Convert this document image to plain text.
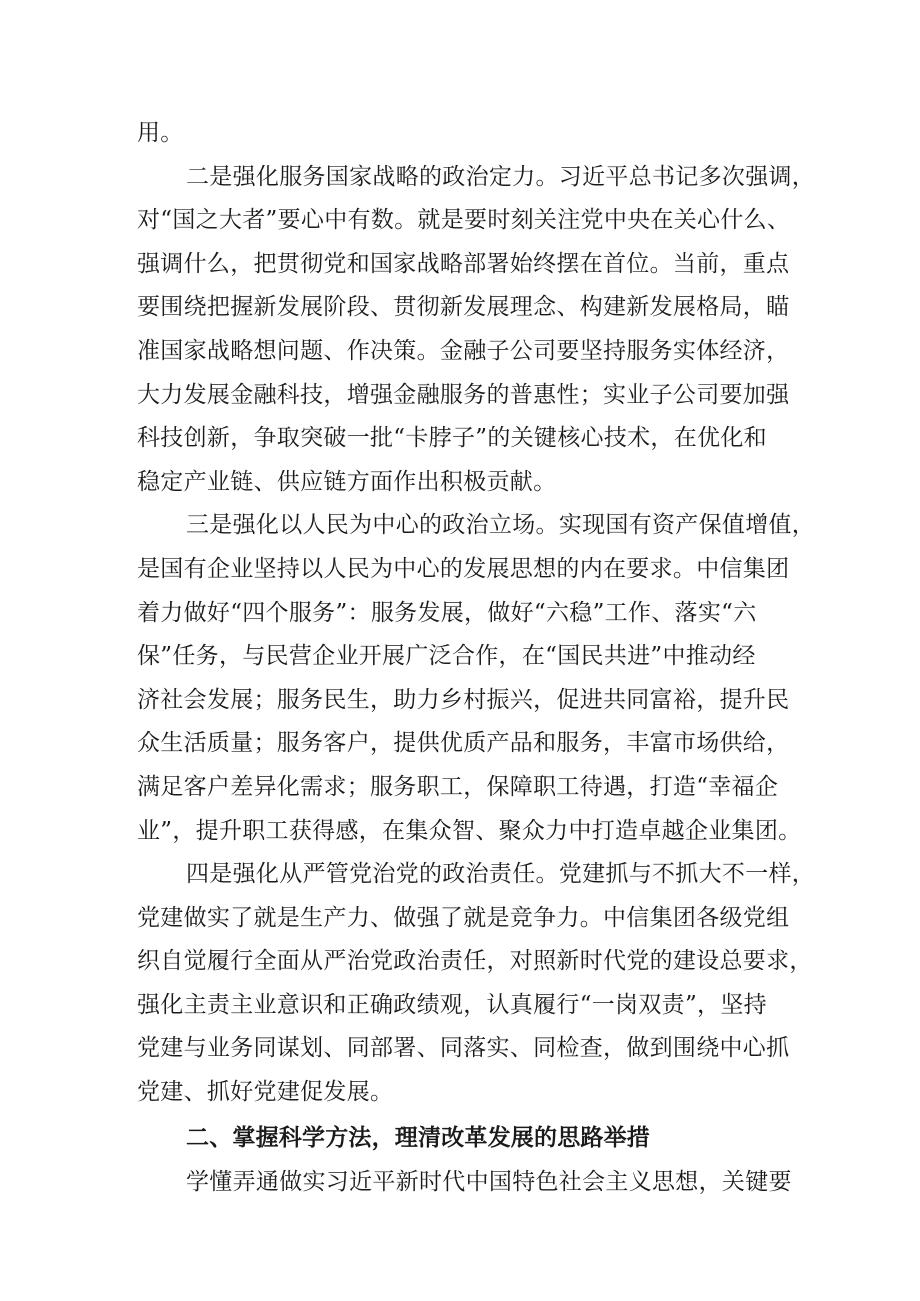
用。
二是强化服务国家战略的政治定力。习近平总书记多次强调，
对“国之大者”要心中有数。就是要时刻关注党中央在关心什么、
强调什么，把贯彻党和国家战略部署始终摆在首位。当前，重点
要围绕把握新发展阶段、贯彻新发展理念、构建新发展格局，瞄
准国家战略想问题、作决策。金融子公司要坚持服务实体经济，
大力发展金融科技，增强金融服务的普惠性；实业子公司要加强
科技创新，争取突破一批“卡脖子”的关键核心技术，在优化和
稳定产业链、供应链方面作出积极贡献。
三是强化以人民为中心的政治立场。实现国有资产保值增值，
是国有企业坚持以人民为中心的发展思想的内在要求。中信集团
着力做好“四个服务”：服务发展，做好“六稳”工作、落实“六
保”任务，与民营企业开展广泛合作，在“国民共进”中推动经
济社会发展；服务民生，助力乡村振兴，促进共同富裕，提升民
众生活质量；服务客户，提供优质产品和服务，丰富市场供给，
满足客户差异化需求；服务职工，保障职工待遇，打造“幸福企
业”，提升职工获得感，在集众智、聚众力中打造卓越企业集团。
四是强化从严管党治党的政治责任。党建抓与不抓大不一样，
党建做实了就是生产力、做强了就是竞争力。中信集团各级党组
织自觉履行全面从严治党政治责任，对照新时代党的建设总要求，
强化主责主业意识和正确政绩观，认真履行“一岗双责”，坚持
党建与业务同谋划、同部署、同落实、同检查，做到围绕中心抓
党建、抓好党建促发展。
二、掌握科学方法，理清改革发展的思路举措
学懂弄通做实习近平新时代中国特色社会主义思想，关键要
